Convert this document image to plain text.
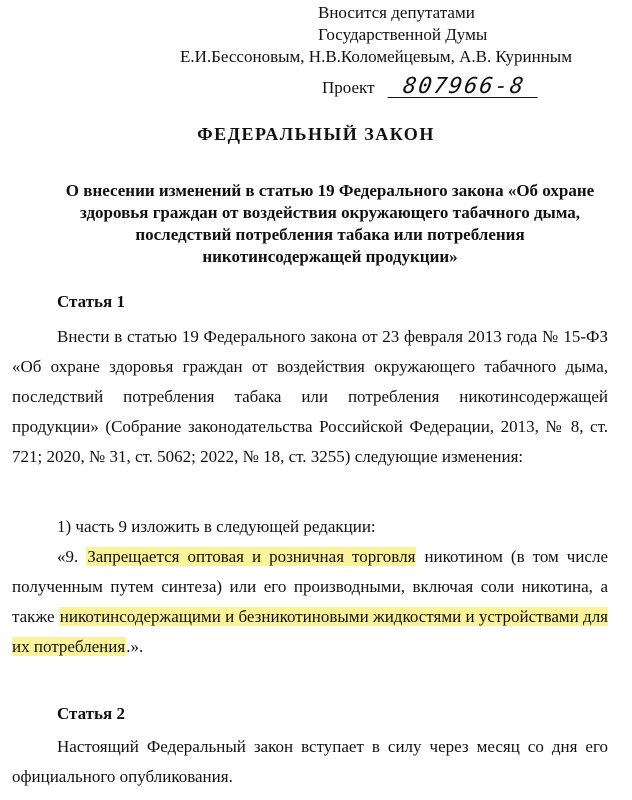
Вносится депутатами
Государственной Думы
Е.И.Бессоновым, Н.В.Коломейцевым, А.В. Куринным
Проект 807966-8
ФЕДЕРАЛЬНЫЙ ЗАКОН
О внесении изменений в статью 19 Федерального закона «Об охране здоровья граждан от воздействия окружающего табачного дыма, последствий потребления табака или потребления никотинсодержащей продукции»
Статья 1
Внести в статью 19 Федерального закона от 23 февраля 2013 года № 15-ФЗ «Об охране здоровья граждан от воздействия окружающего табачного дыма, последствий потребления табака или потребления никотинсодержащей продукции» (Собрание законодательства Российской Федерации, 2013, № 8, ст. 721; 2020, № 31, ст. 5062; 2022, № 18, ст. 3255) следующие изменения:
1) часть 9 изложить в следующей редакции:
«9. Запрещается оптовая и розничная торговля никотином (в том числе полученным путем синтеза) или его производными, включая соли никотина, а также никотинсодержащими и безникотиновыми жидкостями и устройствами для их потребления.».
Статья 2
Настоящий Федеральный закон вступает в силу через месяц со дня его официального опубликования.
